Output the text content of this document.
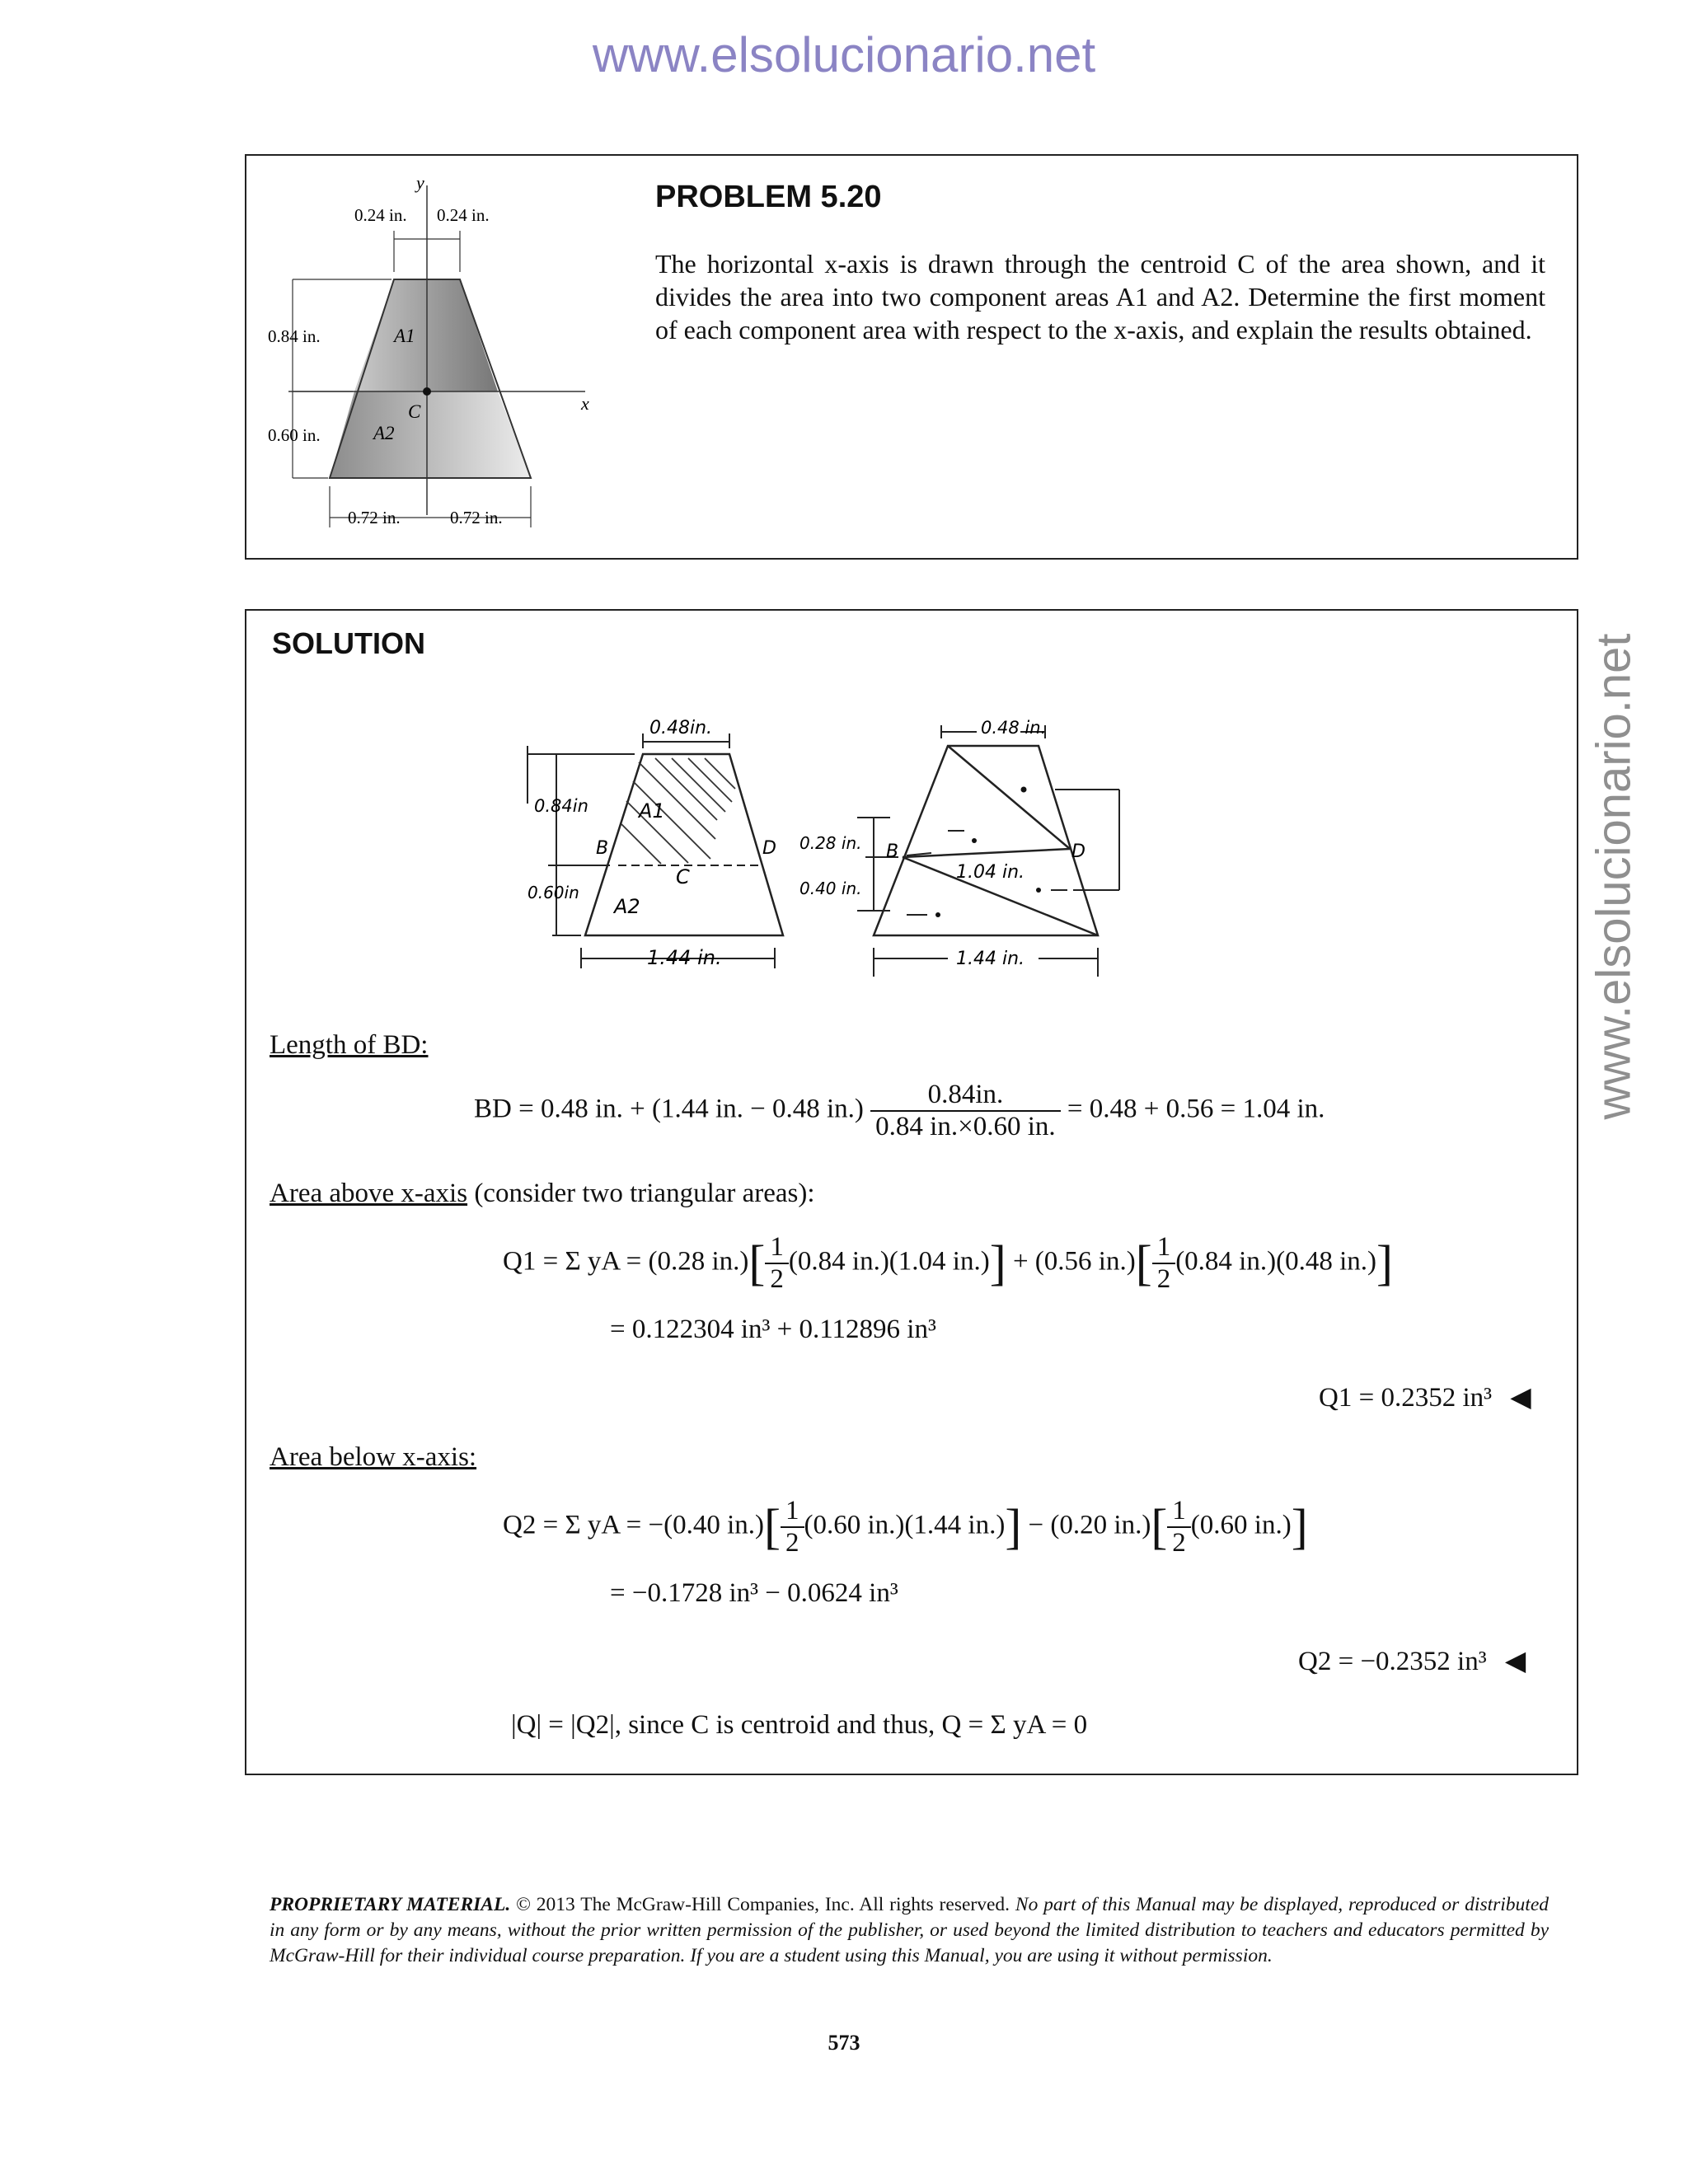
www.elsolucionario.net
www.elsolucionario.net
y
x
0.24 in. 0.24 in.
0.84 in.
0.60 in.
0.72 in.	0.72 in.
A1
A2
C
PROBLEM 5.20
The horizontal x-axis is drawn through the centroid C of the area shown, and it divides the area into two component areas A1 and A2. Determine the first moment of each component area with respect to the x-axis, and explain the results obtained.
SOLUTION
0.48in.
0.84in
0.60in
1.44 in.
B	D
C
A1
A2
0.48 in.
0.28 in.
0.40 in.
1.04 in.
1.44 in.
B	D
Length of BD:
BD = 0.48 in. + (1.44 in. − 0.48 $in.) \frac{0.84in.}{0.84 in.\times 0.60 in.} = 0.48 + 0.56 = 1.04$ in.
Area above x-axis (consider two triangular areas):
Q1 = Σ yA = (0.28 $in.)[ \frac{1}{2} (0.84$ in.)(1.04 in.)] + (0.56 $in.)[ \frac{1}{2} (0.84$ in.)(0.48 in.)]
= 0.122304 in³ + 0.112896 in³
Q1 = 0.2352 in³ ◀
Area below x-axis:
Q2 = Σ yA = −(0.40 $in.)[ \frac{1}{2} (0.60$ in.)(1.44 in.)] − (0.20 $in.)[ \frac{1}{2} (0.60$ in.)]
= −0.1728 in³ − 0.0624 in³
Q2 = −0.2352 in³ ◀
|Q| = |Q2|, since C is centroid and thus, Q = Σ yA = 0
PROPRIETARY MATERIAL. © 2013 The McGraw-Hill Companies, Inc. All rights reserved. No part of this Manual may be displayed, reproduced or distributed in any form or by any means, without the prior written permission of the publisher, or used beyond the limited distribution to teachers and educators permitted by McGraw-Hill for their individual course preparation. If you are a student using this Manual, you are using it without permission.
573
